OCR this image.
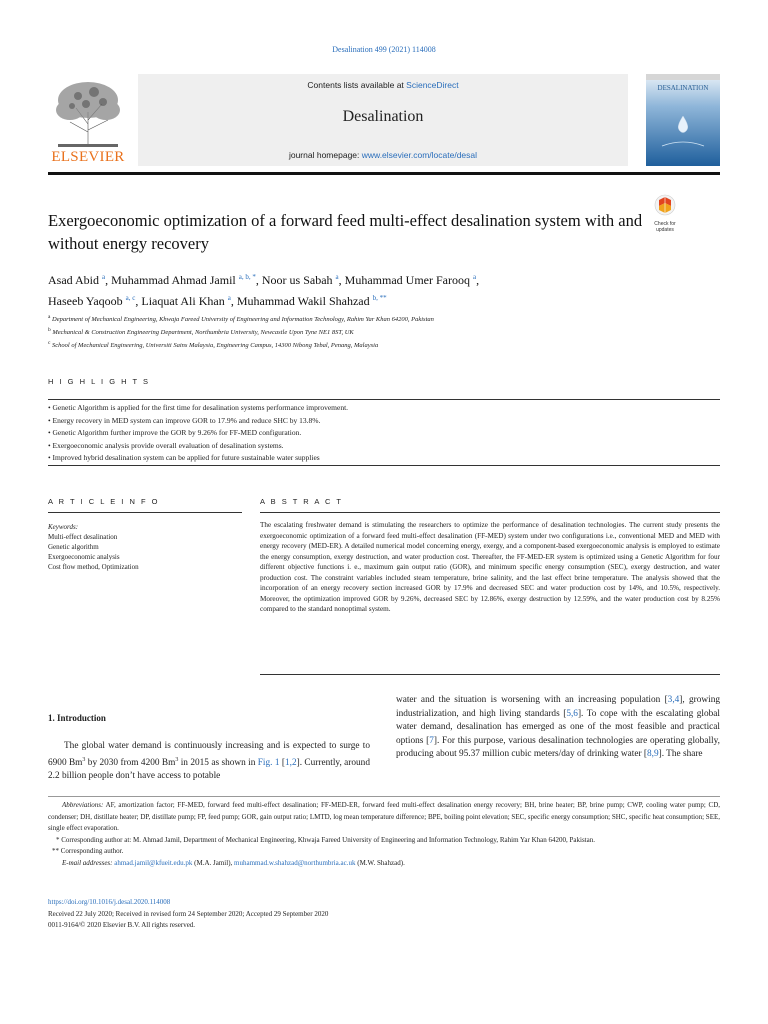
Desalination 499 (2021) 114008
ELSEVIER
Contents lists available at ScienceDirect
Desalination
journal homepage: www.elsevier.com/locate/desal
DESALINATION
Exergoeconomic optimization of a forward feed multi-effect desalination system with and without energy recovery
Check for
updates
Asad Abid $^a$, Muhammad Ahmad Jamil $^{a, b, *}$, Noor us Sabah $^a$, Muhammad Umer Farooq $^a$,
Haseeb Yaqoob $^{a, c}$, Liaquat Ali Khan $^a$, Muhammad Wakil Shahzad $^{b, **}$
$^a$ Department of Mechanical Engineering, Khwaja Fareed University of Engineering and Information Technology, Rahim Yar Khan 64200, Pakistan
$^b$ Mechanical & Construction Engineering Department, Northumbria University, Newcastle Upon Tyne NE1 8ST, UK
$^c$ School of Mechanical Engineering, Universiti Sains Malaysia, Engineering Campus, 14300 Nibong Tebal, Penang, Malaysia
H I G H L I G H T S
• Genetic Algorithm is applied for the first time for desalination systems performance improvement.
• Energy recovery in MED system can improve GOR to 17.9% and reduce SHC by 13.8%.
• Genetic Algorithm further improve the GOR by 9.26% for FF-MED configuration.
• Exergoeconomic analysis provide overall evaluation of desalination systems.
• Improved hybrid desalination system can be applied for future sustainable water supplies
A R T I C L E I N F O	A B S T R A C T
Keywords:
Multi-effect desalination
Genetic algorithm
Exergoeconomic analysis
Cost flow method, Optimization
The escalating freshwater demand is stimulating the researchers to optimize the performance of desalination technologies. The current study presents the exergoeconomic optimization of a forward feed multi-effect desalination (FF-MED) system under two configurations i.e., conventional MED and MED with energy recovery (MED-ER). A detailed numerical model concerning energy, exergy, and a component-based exergoeconomic analysis is employed to estimate the energy consumption, exergy destruction, and water production cost. Thereafter, the FF-MED-ER system is optimized using a Genetic Algorithm for four different objective functions i. e., maximum gain output ratio (GOR), and minimum specific energy consumption (SEC), exergy destruction, and water production cost. The constraint variables included steam temperature, brine salinity, and the last effect brine temperature. The analysis showed that the incorporation of an energy recovery section increased GOR by 17.9% and decreased SEC and water production cost by 14%, and 10.5%, respectively. Moreover, the optimization improved GOR by 9.26%, decreased SEC by 12.86%, exergy destruction by 12.59%, and the water production cost by 8.25% compared to the standard nonoptimal system.
1. Introduction
The global water demand is continuously increasing and is expected to surge to 6900 Bm$^3$ by 2030 from 4200 Bm$^3$ in 2015 as shown in Fig. 1 [1,2]. Currently, around 2.2 billion people don’t have access to potable
water and the situation is worsening with an increasing population [3,4], growing industrialization, and high living standards [5,6]. To cope with the escalating global water demand, desalination has emerged as one of the most feasible and practical options [7]. For this purpose, various desalination technologies are operating globally, producing about 95.37 million cubic meters/day of drinking water [8,9]. The share
Abbreviations: AF, amortization factor; FF-MED, forward feed multi-effect desalination; FF-MED-ER, forward feed multi-effect desalination energy recovery; BH, brine heater; BP, brine pump; CWP, cooling water pump; CD, condenser; DH, distillate heater; DP, distillate pump; FP, feed pump; GOR, gain output ratio; LMTD, log mean temperature difference; BPE, boiling point elevation; SEC, specific energy consumption; SHC, specific heat consumption; SEE, single effect evaporation.
* Corresponding author at: M. Ahmad Jamil, Department of Mechanical Engineering, Khwaja Fareed University of Engineering and Information Technology, Rahim Yar Khan 64200, Pakistan.
** Corresponding author.
E-mail addresses: ahmad.jamil@kfueit.edu.pk (M.A. Jamil), muhammad.w.shahzad@northumbria.ac.uk (M.W. Shahzad).
https://doi.org/10.1016/j.desal.2020.114008
Received 22 July 2020; Received in revised form 24 September 2020; Accepted 29 September 2020
0011-9164/© 2020 Elsevier B.V. All rights reserved.
